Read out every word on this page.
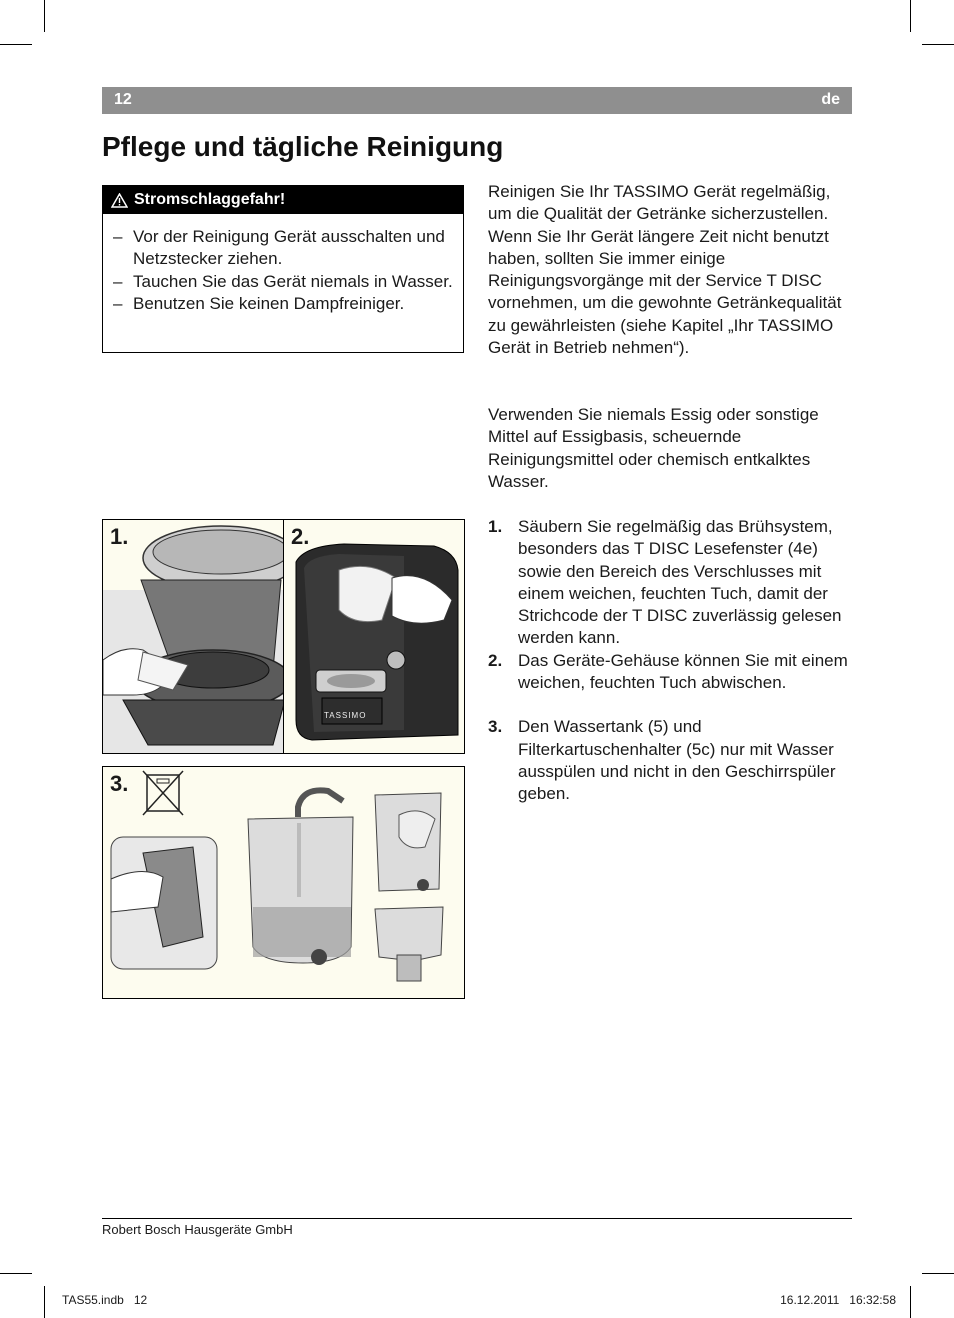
12	de
Pflege und tägliche Reinigung
Stromschlaggefahr!
– Vor der Reinigung Gerät ausschalten und Netzstecker ziehen.
– Tauchen Sie das Gerät niemals in Wasser.
– Benutzen Sie keinen Dampfreiniger.

Reinigen Sie Ihr TASSIMO Gerät regelmäßig, um die Qualität der Getränke sicherzustellen. Wenn Sie Ihr Gerät längere Zeit nicht benutzt haben, sollten Sie immer einige Reinigungsvorgänge mit der Service T DISC vornehmen, um die gewohnte Getränkequalität zu gewährleisten (siehe Kapitel „Ihr TASSIMO Gerät in Betrieb nehmen“).

Verwenden Sie niemals Essig oder sonstige Mittel auf Essigbasis, scheuernde Reinigungsmittel oder chemisch entkalktes Wasser.

1. Säubern Sie regelmäßig das Brühsystem, besonders das T DISC Lesefenster (4e) sowie den Bereich des Verschlusses mit einem weichen, feuchten Tuch, damit der Strichcode der T DISC zuverlässig gelesen werden kann.
2. Das Geräte-Gehäuse können Sie mit einem weichen, feuchten Tuch abwischen.
3. Den Wassertank (5) und Filterkartuschenhalter (5c) nur mit Wasser ausspülen und nicht in den Geschirrspüler geben.
1.	2.
TASSIMO
3.
Robert Bosch Hausgeräte GmbH
TAS55.indb   12	16.12.2011   16:32:58
